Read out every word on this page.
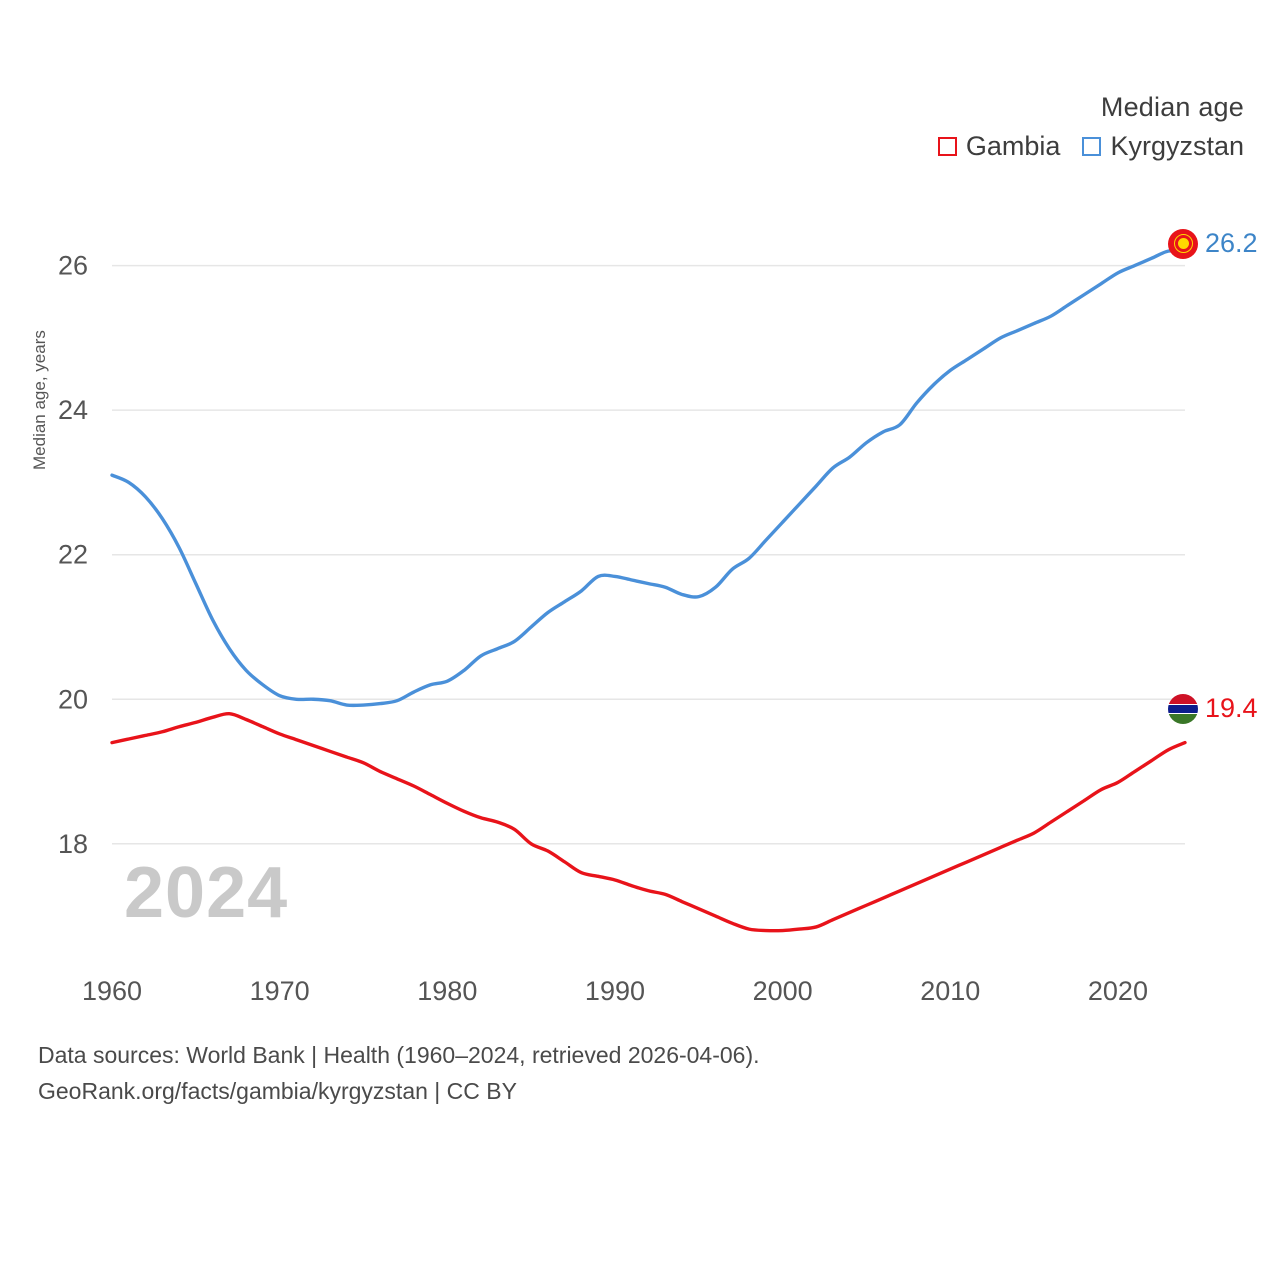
Median age
Gambia Kyrgyzstan
Median age, years
18
20
22
24
26
1960	1970	1980	1990	2000	2010	2020
2024
26.2
19.4
Data sources: World Bank | Health (1960–2024, retrieved 2026-04-06).
GeoRank.org/facts/gambia/kyrgyzstan | CC BY
